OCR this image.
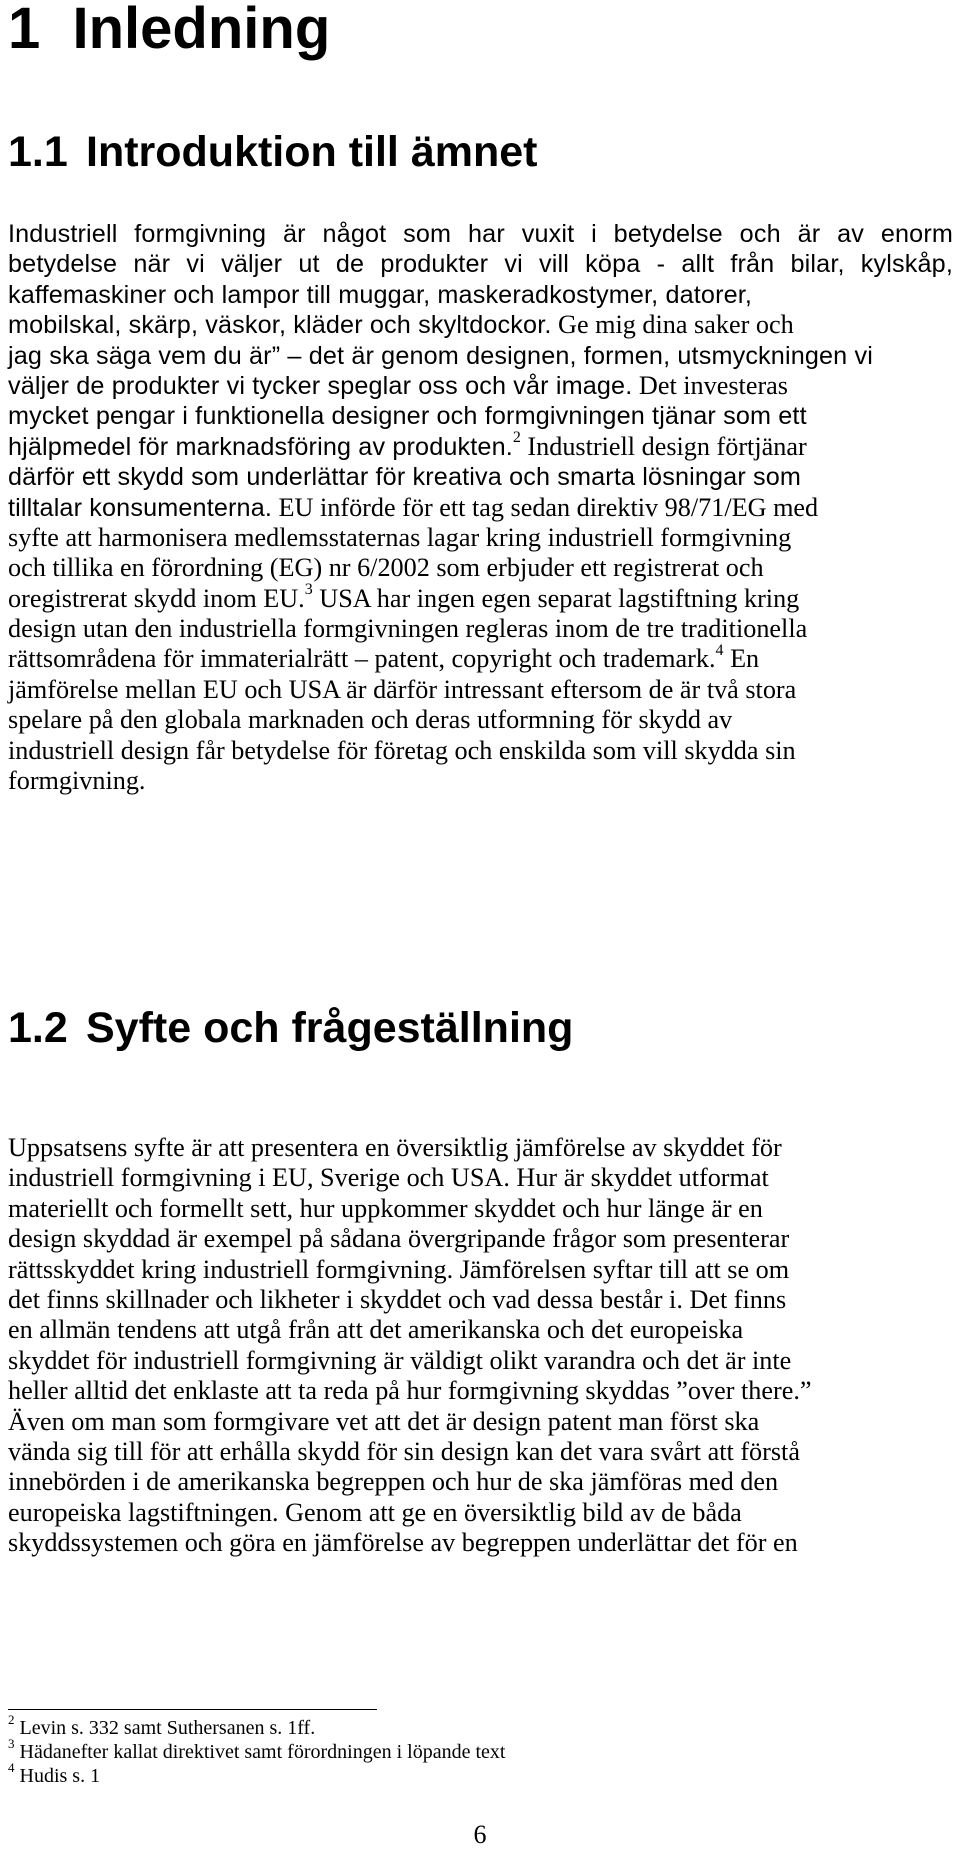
1 Inledning
1.1 Introduktion till ämnet
Industriell formgivning är något som har vuxit i betydelse och är av enorm
betydelse när vi väljer ut de produkter vi vill köpa - allt från bilar, kylskåp,
kaffemaskiner och lampor till muggar, maskeradkostymer, datorer,
mobilskal, skärp, väskor, kläder och skyltdockor. Ge mig dina saker och
jag ska säga vem du är” – det är genom designen, formen, utsmyckningen vi
väljer de produkter vi tycker speglar oss och vår image. Det investeras
mycket pengar i funktionella designer och formgivningen tjänar som ett
hjälpmedel för marknadsföring av produkten.$^2$ Industriell design förtjänar
därför ett skydd som underlättar för kreativa och smarta lösningar som
tilltalar konsumenterna. EU införde för ett tag sedan direktiv 98/71/EG med
syfte att harmonisera medlemsstaternas lagar kring industriell formgivning
och tillika en förordning (EG) nr 6/2002 som erbjuder ett registrerat och
oregistrerat skydd inom EU.$^3$ USA har ingen egen separat lagstiftning kring
design utan den industriella formgivningen regleras inom de tre traditionella
rättsområdena för immaterialrätt – patent, copyright och trademark.$^4$ En
jämförelse mellan EU och USA är därför intressant eftersom de är två stora
spelare på den globala marknaden och deras utformning för skydd av
industriell design får betydelse för företag och enskilda som vill skydda sin
formgivning.
1.2 Syfte och frågeställning
Uppsatsens syfte är att presentera en översiktlig jämförelse av skyddet för
industriell formgivning i EU, Sverige och USA. Hur är skyddet utformat
materiellt och formellt sett, hur uppkommer skyddet och hur länge är en
design skyddad är exempel på sådana övergripande frågor som presenterar
rättsskyddet kring industriell formgivning. Jämförelsen syftar till att se om
det finns skillnader och likheter i skyddet och vad dessa består i. Det finns
en allmän tendens att utgå från att det amerikanska och det europeiska
skyddet för industriell formgivning är väldigt olikt varandra och det är inte
heller alltid det enklaste att ta reda på hur formgivning skyddas ”over there.”
Även om man som formgivare vet att det är design patent man först ska
vända sig till för att erhålla skydd för sin design kan det vara svårt att förstå
innebörden i de amerikanska begreppen och hur de ska jämföras med den
europeiska lagstiftningen. Genom att ge en översiktlig bild av de båda
skyddssystemen och göra en jämförelse av begreppen underlättar det för en
$^2$ Levin s. 332 samt Suthersanen s. 1ff.
$^3$ Hädanefter kallat direktivet samt förordningen i löpande text
$^4$ Hudis s. 1
6
